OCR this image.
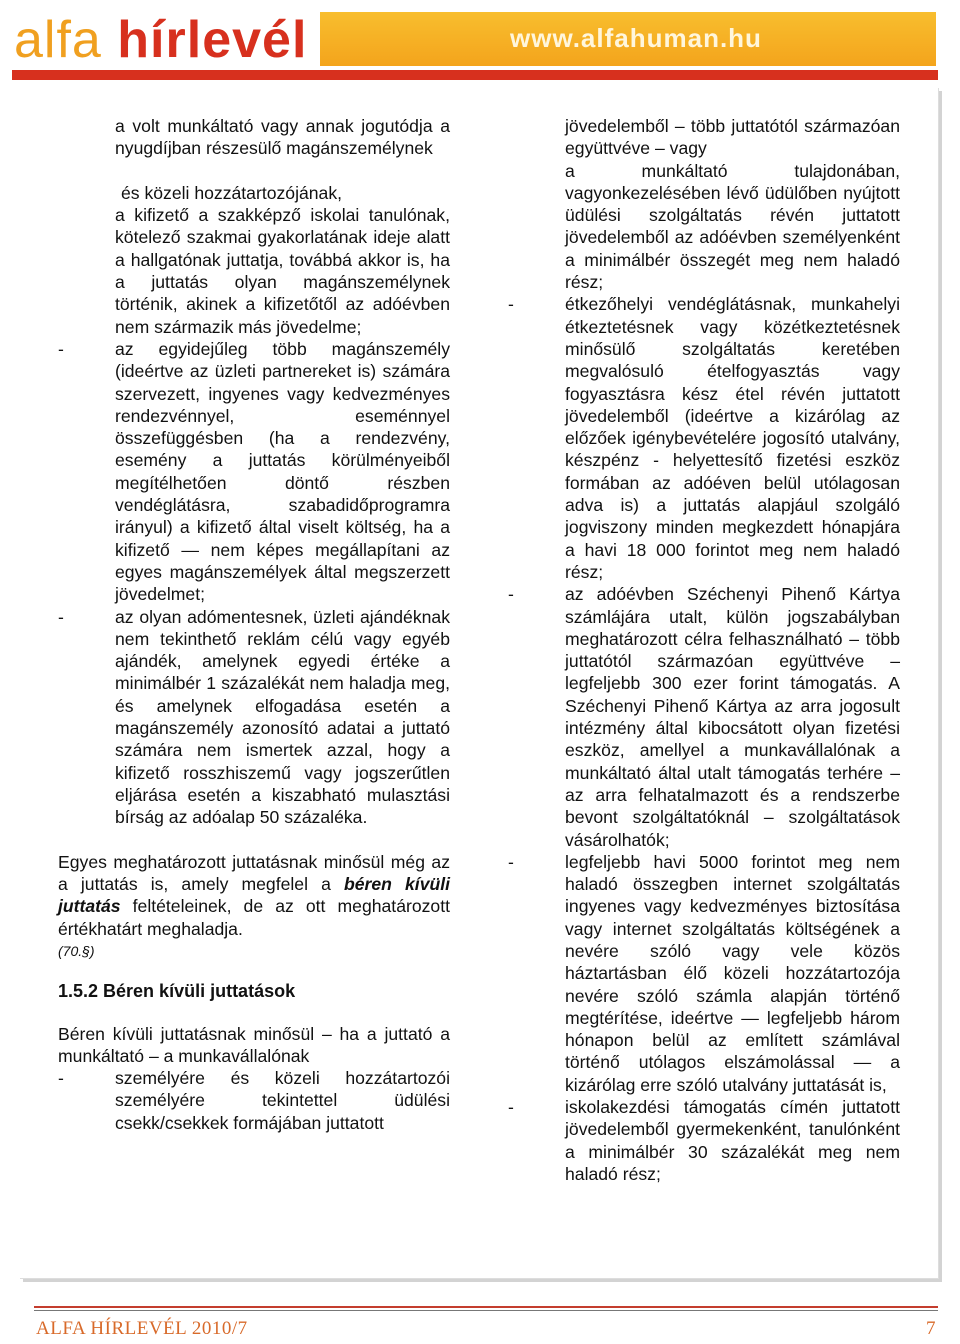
alfa hírlevél	www.alfahuman.hu

a volt munkáltató vagy annak jogutódja a nyugdíjban részesülő magánszemélynek

és közeli hozzátartozójának,

a kifizető a szakképző iskolai tanulónak, kötelező szakmai gyakorlatának ideje alatt a hallgatónak juttatja, továbbá akkor is, ha a juttatás olyan magánszemélynek történik, akinek a kifizetőtől az adóévben nem származik más jövedelme;

- az egyidejűleg több magánszemély (ideértve az üzleti partnereket is) számára szervezett, ingyenes vagy kedvezményes rendezvénnyel, eseménnyel összefüggésben (ha a rendezvény, esemény a juttatás körülményeiből megítélhetően döntő részben vendéglátásra, szabadidőprogramra irányul) a kifizető által viselt költség, ha a kifizető — nem képes megállapítani az egyes magánszemélyek által megszerzett jövedelmet;

- az olyan adómentesnek, üzleti ajándéknak nem tekinthető reklám célú vagy egyéb ajándék, amelynek egyedi értéke a minimálbér 1 százalékát nem haladja meg, és amelynek elfogadása esetén a magánszemély azonosító adatai a juttató számára nem ismertek azzal, hogy a kifizető rosszhiszemű vagy jogszerűtlen eljárása esetén a kiszabható mulasztási bírság az adóalap 50 százaléka.

Egyes meghatározott juttatásnak minősül még az a juttatás is, amely megfelel a béren kívüli juttatás feltételeinek, de az ott meghatározott értékhatárt meghaladja.

(70.§)

1.5.2 Béren kívüli juttatások

Béren kívüli juttatásnak minősül – ha a juttató a munkáltató – a munkavállalónak

- személyére és közeli hozzátartozói személyére tekintettel üdülési csekk/csekkek formájában juttatott

jövedelemből – több juttatótól származóan együttvéve – vagy

a munkáltató tulajdonában, vagyonkezelésében lévő üdülőben nyújtott üdülési szolgáltatás révén juttatott jövedelemből az adóévben személyenként a minimálbér összegét meg nem haladó rész;

- étkezőhelyi vendéglátásnak, munkahelyi étkeztetésnek vagy közétkeztetésnek minősülő szolgáltatás keretében megvalósuló ételfogyasztás vagy fogyasztásra kész étel révén juttatott jövedelemből (ideértve a kizárólag az előzőek igénybevételére jogosító utalvány, készpénz - helyettesítő fizetési eszköz formában az adóéven belül utólagosan adva is) a juttatás alapjául szolgáló jogviszony minden megkezdett hónapjára a havi 18 000 forintot meg nem haladó rész;

- az adóévben Széchenyi Pihenő Kártya számlájára utalt, külön jogszabályban meghatározott célra felhasználható – több juttatótól származóan együttvéve – legfeljebb 300 ezer forint támogatás. A Széchenyi Pihenő Kártya az arra jogosult intézmény által kibocsátott olyan fizetési eszköz, amellyel a munkavállalónak a munkáltató által utalt támogatás terhére – az arra felhatalmazott és a rendszerbe bevont szolgáltatóknál – szolgáltatások vásárolhatók;

- legfeljebb havi 5000 forintot meg nem haladó összegben internet szolgáltatás ingyenes vagy kedvezményes biztosítása vagy internet szolgáltatás költségének a nevére szóló vagy vele közös háztartásban élő közeli hozzátartozója nevére szóló számla alapján történő megtérítése, ideértve — legfeljebb három hónapon belül az említett számlával történő utólagos elszámolással — a kizárólag erre szóló utalvány juttatását is,

- iskolakezdési támogatás címén juttatott jövedelemből gyermekenként, tanulónként a minimálbér 30 százalékát meg nem haladó rész;

ALFA HÍRLEVÉL 2010/7	7
